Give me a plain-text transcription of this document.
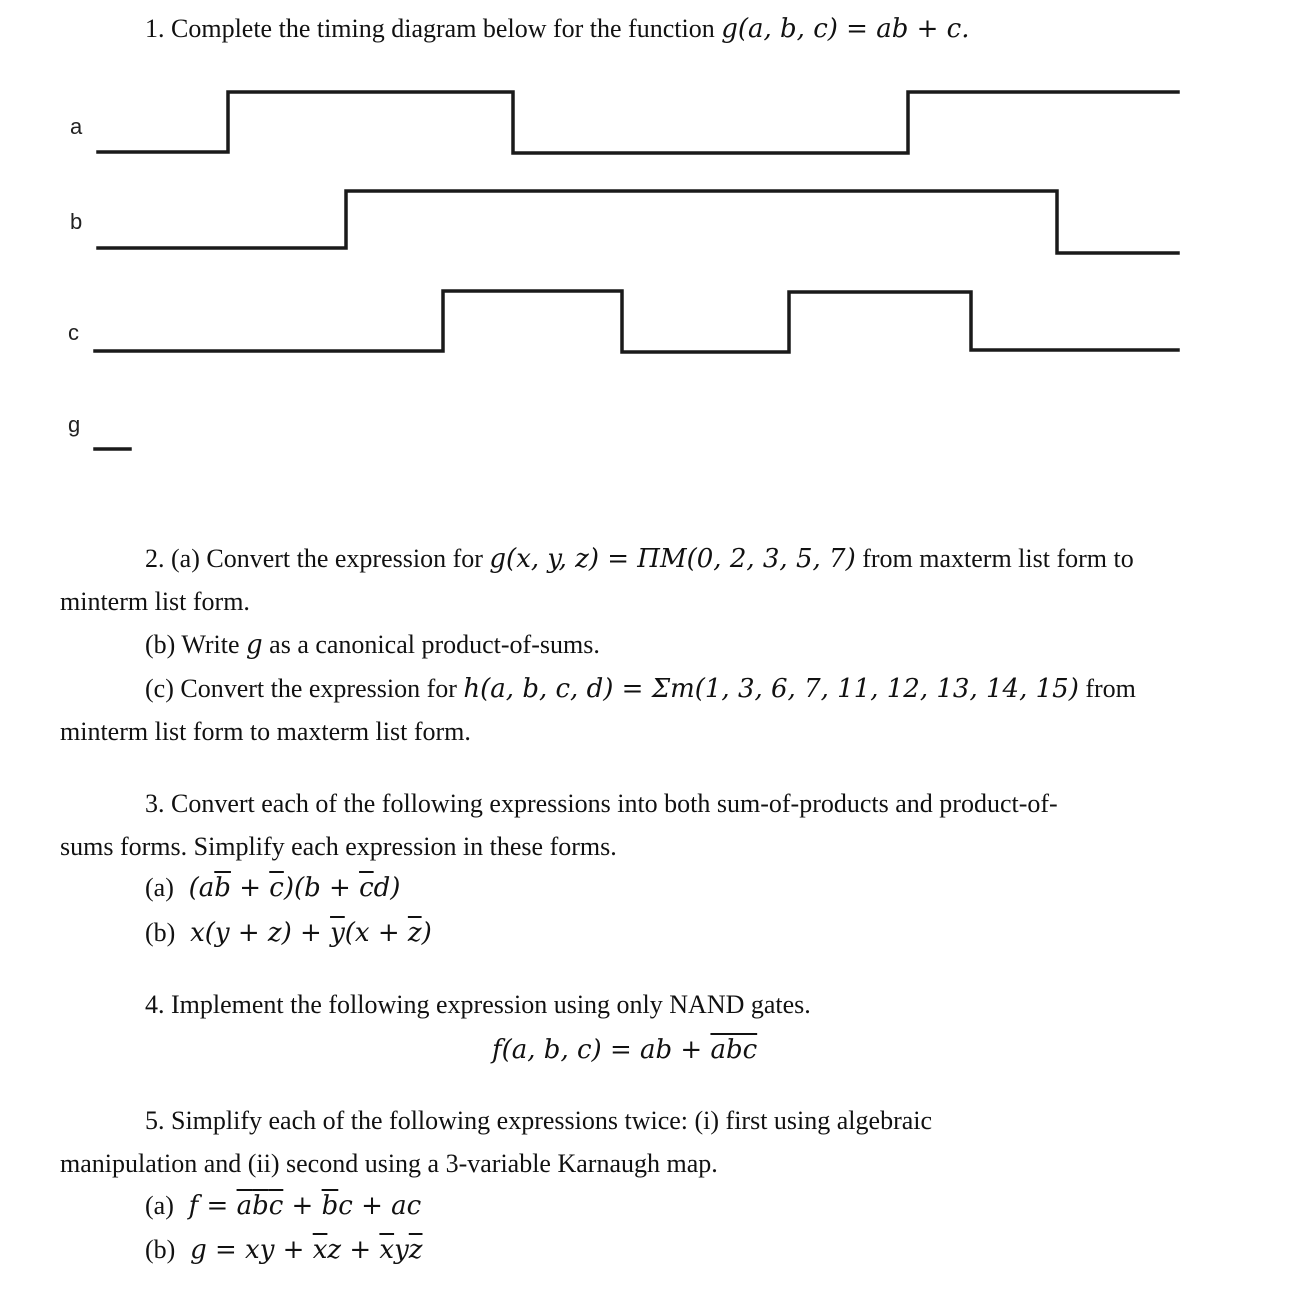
1. Complete the timing diagram below for the function g(a, b, c) = ab + c.
a
b
c
g
2. (a) Convert the expression for g(x, y, z) = ΠM(0, 2, 3, 5, 7) from maxterm list form to
minterm list form.
(b) Write g as a canonical product-of-sums.
(c) Convert the expression for h(a, b, c, d) = Σm(1, 3, 6, 7, 11, 12, 13, 14, 15) from
minterm list form to maxterm list form.
3. Convert each of the following expressions into both sum-of-products and product-of-
sums forms. Simplify each expression in these forms.
(a)  $(a\overline{b} + \overline{c})(b + \overline{c}d)$
(b)  $x(y + z) + \overline{y}(x + \overline{z})$
4. Implement the following expression using only NAND gates.
f(a, b, c) = ab + $\overline{abc}$
5. Simplify each of the following expressions twice: (i) first using algebraic
manipulation and (ii) second using a 3-variable Karnaugh map.
(a)  $f = \overline{a}\overline{b}\overline{c} + \overline{b}c$ + ac
(b)  g = xy + $\overline{x}z + \overline{x}y\overline{z}$
